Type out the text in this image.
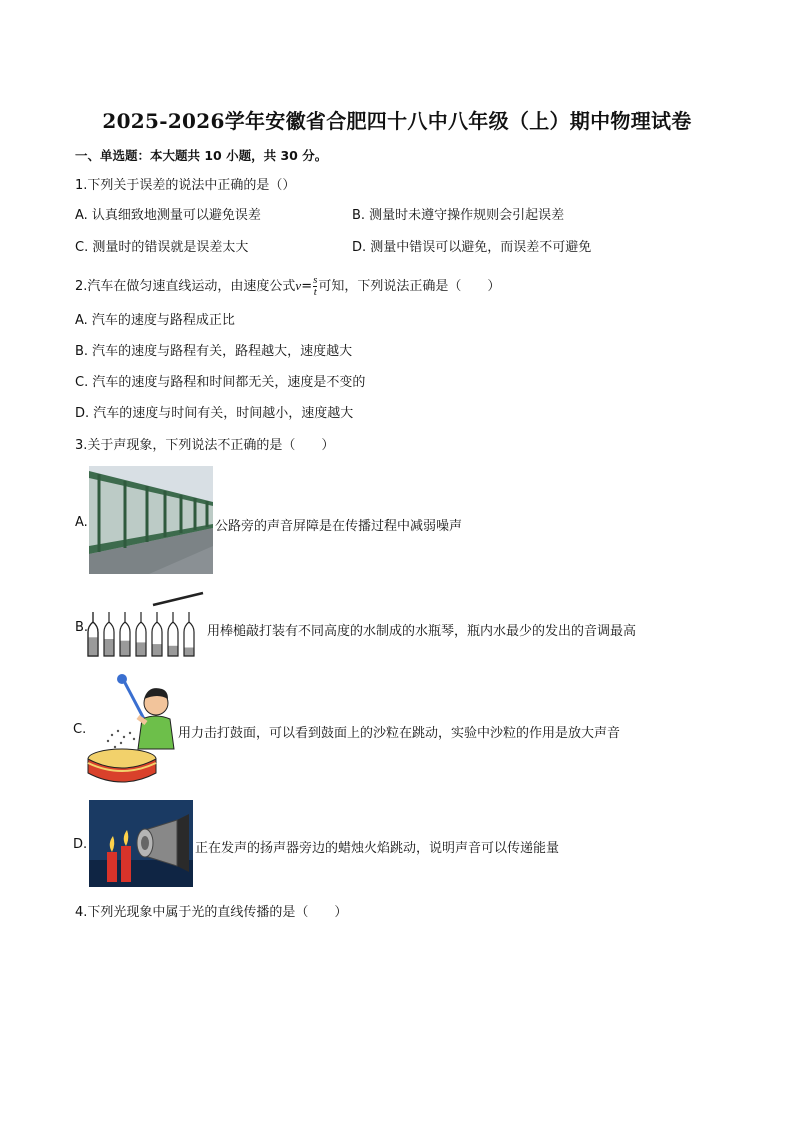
2025-2026学年安徽省合肥四十八中八年级（上）期中物理试卷
一、单选题：本大题共 10 小题，共 30 分。
1.下列关于误差的说法中正确的是（）
A. 认真细致地测量可以避免误差	B. 测量时未遵守操作规则会引起误差
C. 测量时的错误就是误差太大	D. 测量中错误可以避免，而误差不可避免
2.汽车在做匀速直线运动，由速度公式$v= \frac{s}{t}$ 可知，下列说法正确是（　　）
A. 汽车的速度与路程成正比
B. 汽车的速度与路程有关，路程越大，速度越大
C. 汽车的速度与路程和时间都无关，速度是不变的
D. 汽车的速度与时间有关，时间越小，速度越大
3.关于声现象，下列说法不正确的是（　　）
A.	公路旁的声音屏障是在传播过程中减弱噪声
B.	用棒槌敲打装有不同高度的水制成的水瓶琴，瓶内水最少的发出的音调最高
C.	用力击打鼓面，可以看到鼓面上的沙粒在跳动，实验中沙粒的作用是放大声音
D.	正在发声的扬声器旁边的蜡烛火焰跳动，说明声音可以传递能量
4.下列光现象中属于光的直线传播的是（　　）
